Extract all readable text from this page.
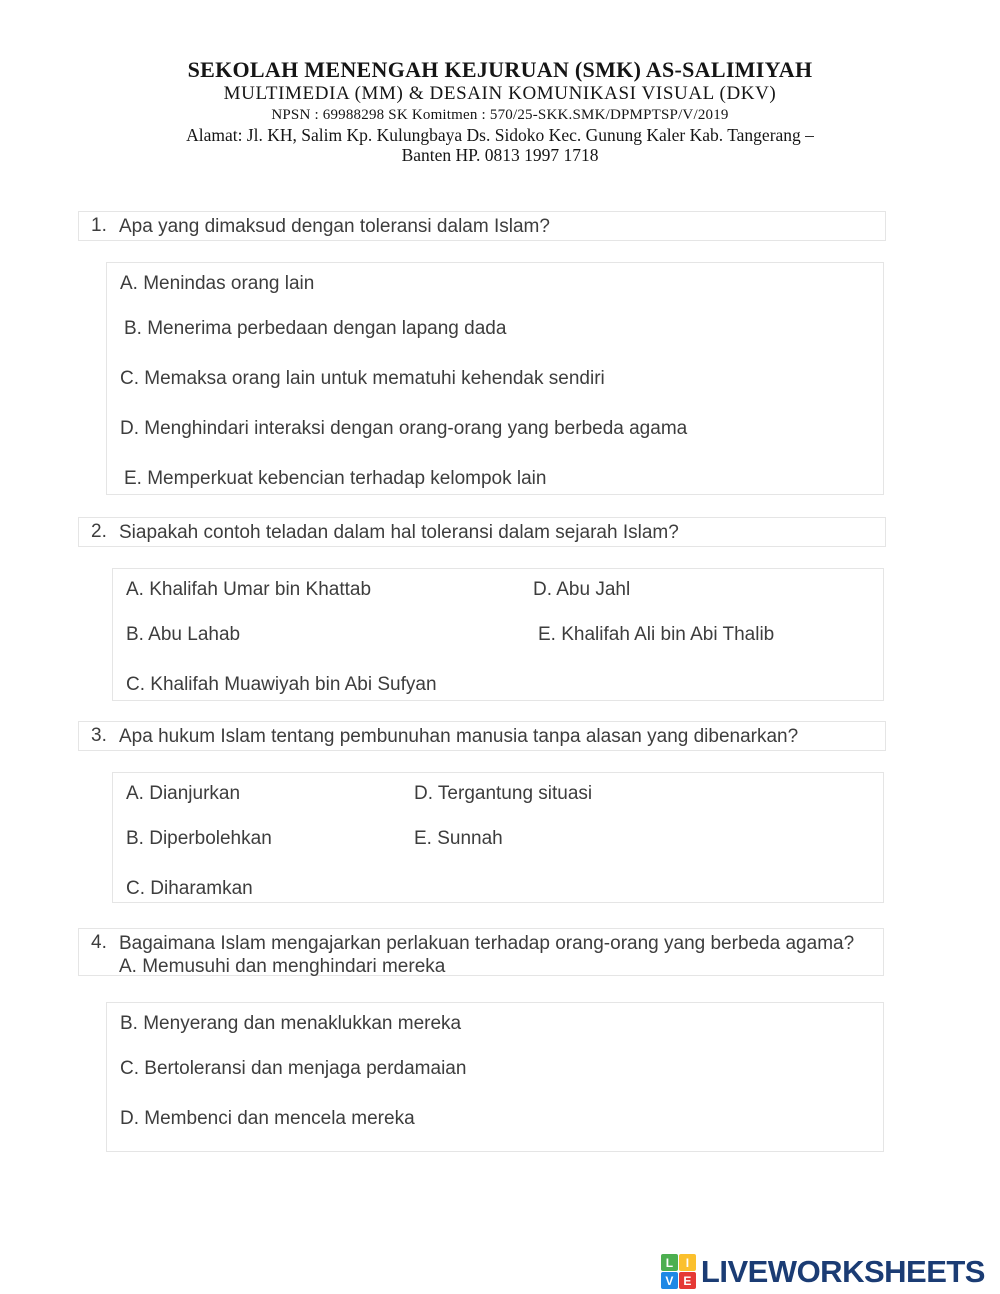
SEKOLAH MENENGAH KEJURUAN (SMK) AS-SALIMIYAH
MULTIMEDIA (MM) & DESAIN KOMUNIKASI VISUAL (DKV)
NPSN : 69988298 SK Komitmen : 570/25-SKK.SMK/DPMPTSP/V/2019
Alamat: Jl. KH, Salim Kp. Kulungbaya Ds. Sidoko Kec. Gunung Kaler Kab. Tangerang –
Banten HP. 0813 1997 1718
1. Apa yang dimaksud dengan toleransi dalam Islam?
A. Menindas orang lain
B. Menerima perbedaan dengan lapang dada
C. Memaksa orang lain untuk mematuhi kehendak sendiri
D. Menghindari interaksi dengan orang-orang yang berbeda agama
E. Memperkuat kebencian terhadap kelompok lain
2. Siapakah contoh teladan dalam hal toleransi dalam sejarah Islam?
A. Khalifah Umar bin Khattab	D. Abu Jahl
B. Abu Lahab	E. Khalifah Ali bin Abi Thalib
C. Khalifah Muawiyah bin Abi Sufyan
3. Apa hukum Islam tentang pembunuhan manusia tanpa alasan yang dibenarkan?
A. Dianjurkan	D. Tergantung situasi
B. Diperbolehkan	E. Sunnah
C. Diharamkan
4. Bagaimana Islam mengajarkan perlakuan terhadap orang-orang yang berbeda agama?
A. Memusuhi dan menghindari mereka
B. Menyerang dan menaklukkan mereka
C. Bertoleransi dan menjaga perdamaian
D. Membenci dan mencela mereka
L	I
V E LIVEWORKSHEETS
